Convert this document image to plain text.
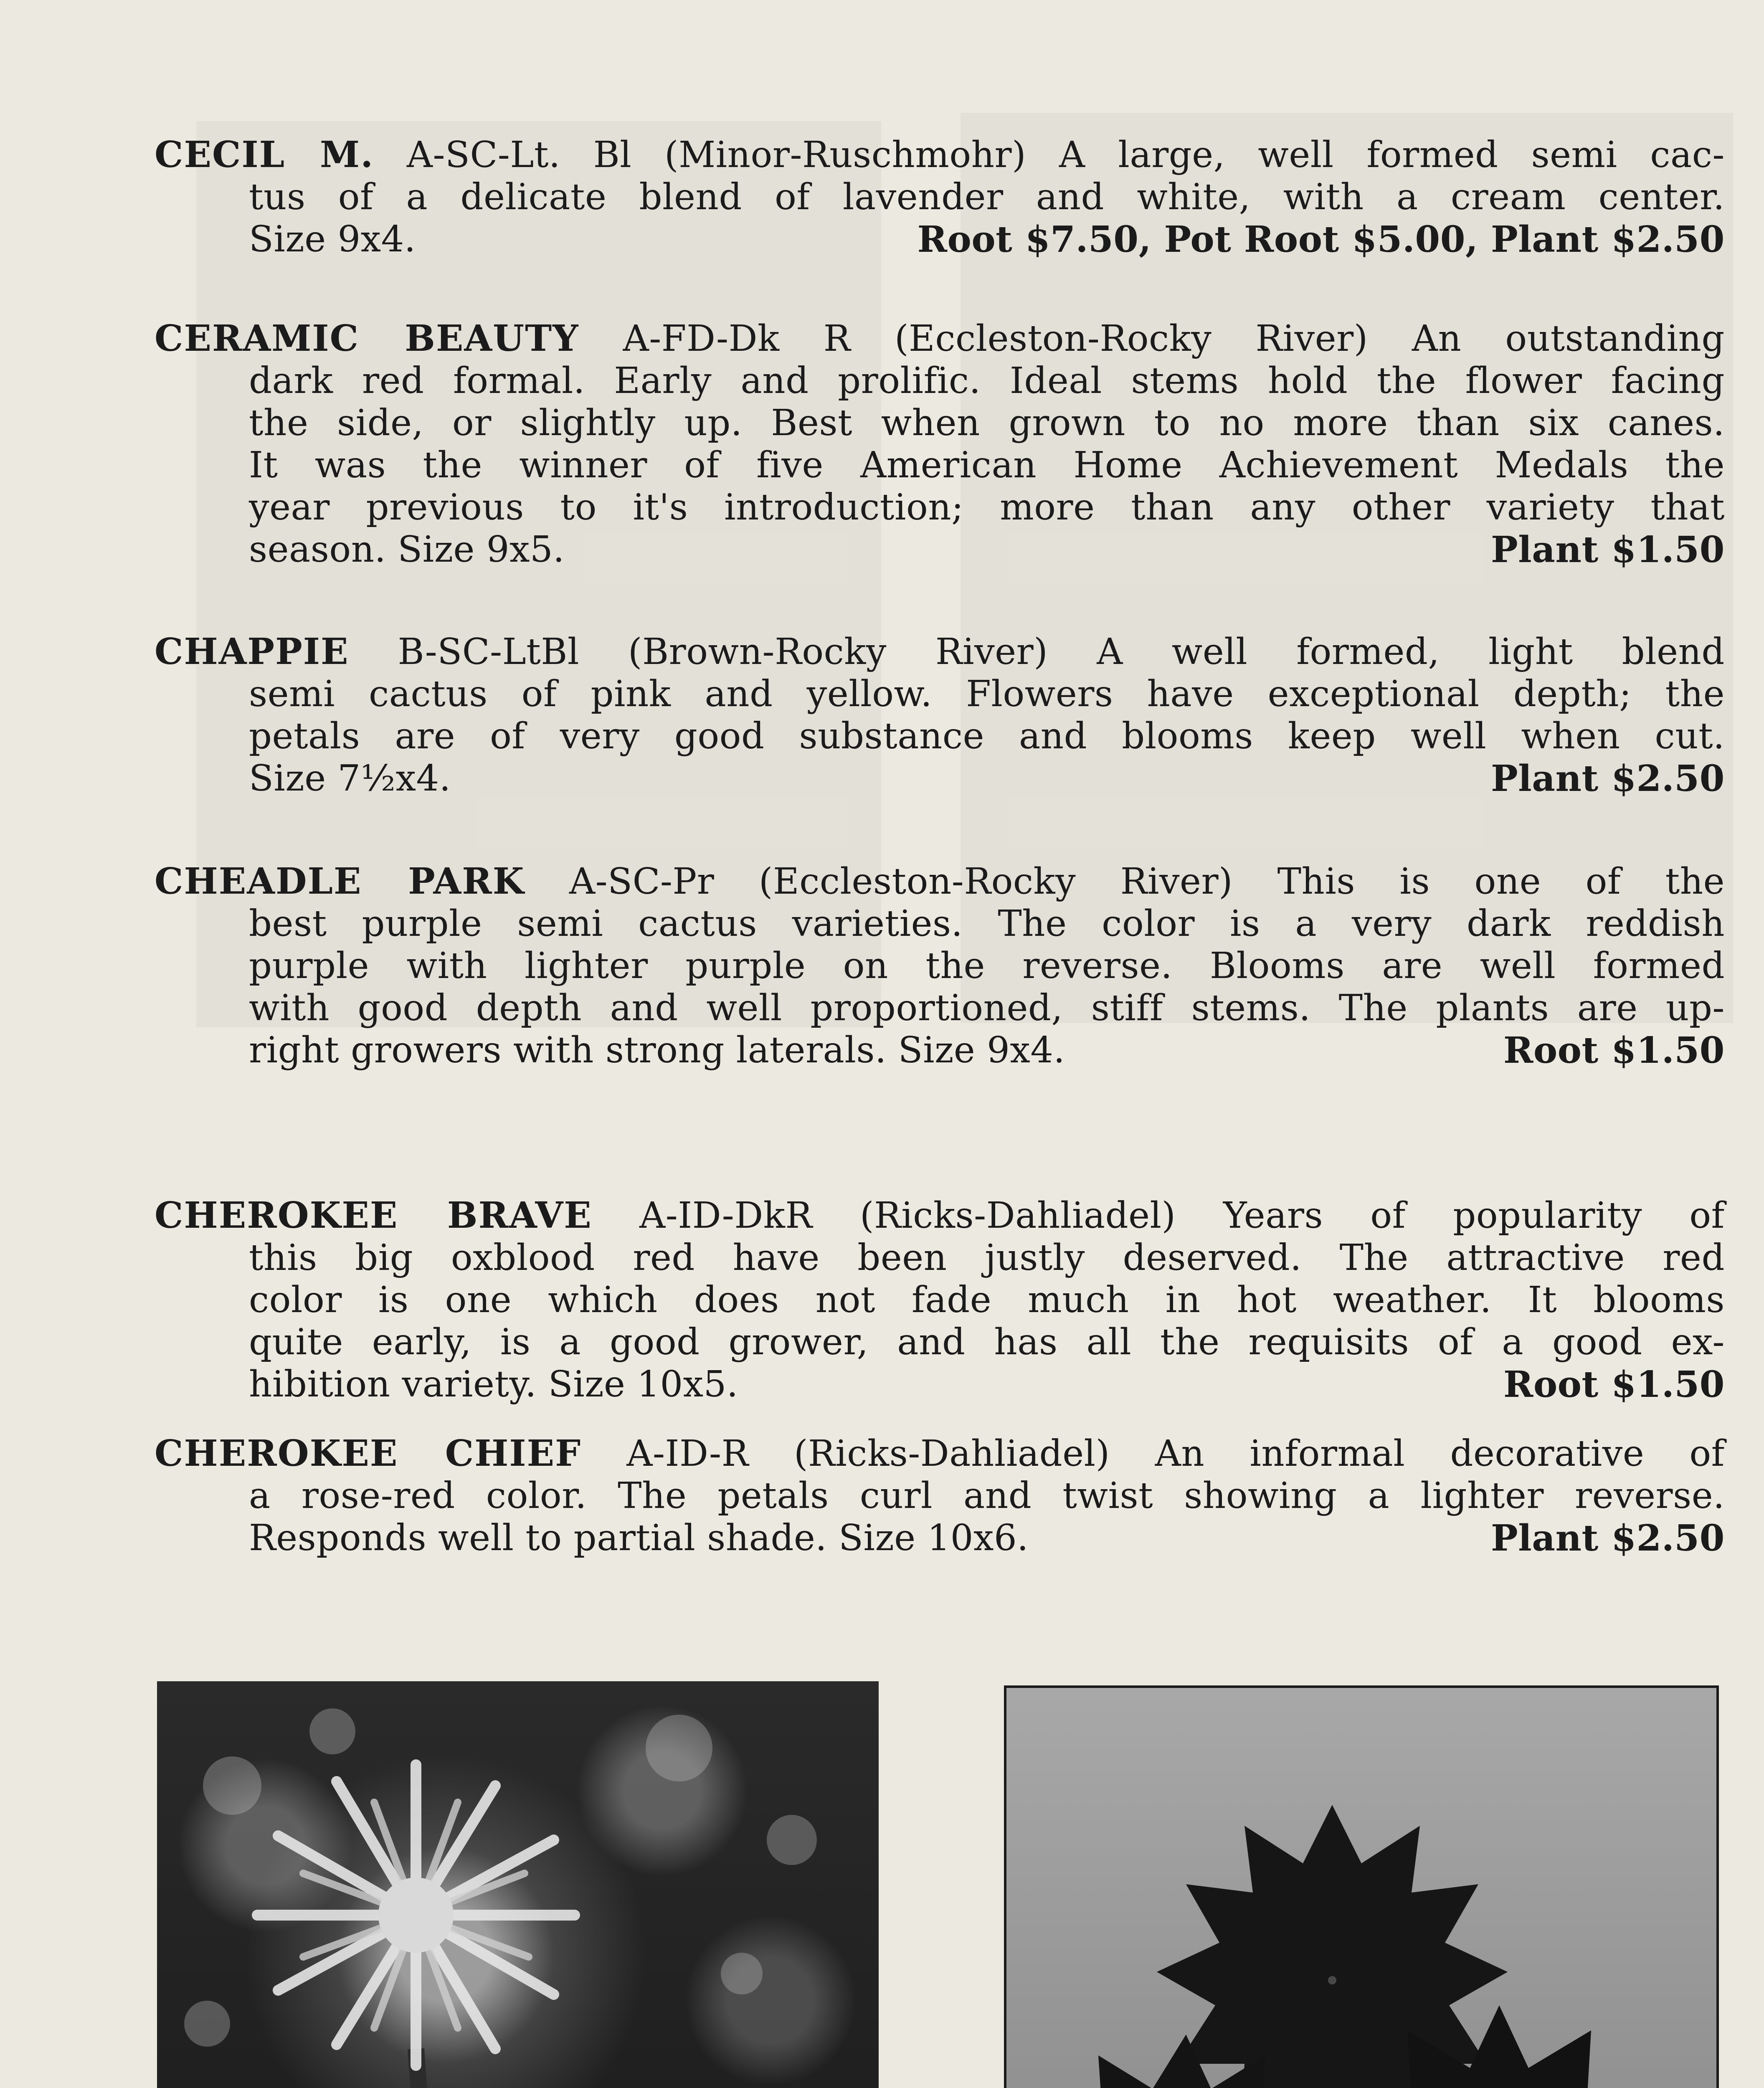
CECIL M. A-SC-Lt. Bl (Minor-Ruschmohr) A large, well formed semi cac-
tus of a delicate blend of lavender and white, with a cream center.
Size 9x4.	Root $7.50, Pot Root $5.00, Plant $2.50
CERAMIC BEAUTY A-FD-Dk R (Eccleston-Rocky River) An outstanding
dark red formal. Early and prolific. Ideal stems hold the flower facing
the side, or slightly up. Best when grown to no more than six canes.
It was the winner of five American Home Achievement Medals the
year previous to it's introduction; more than any other variety that
season. Size 9x5.	Plant $1.50
CHAPPIE B-SC-LtBl (Brown-Rocky River) A well formed, light blend
semi cactus of pink and yellow. Flowers have exceptional depth; the
petals are of very good substance and blooms keep well when cut.
Size 7½x4.	Plant $2.50
CHEADLE PARK A-SC-Pr (Eccleston-Rocky River) This is one of the
best purple semi cactus varieties. The color is a very dark reddish
purple with lighter purple on the reverse. Blooms are well formed
with good depth and well proportioned, stiff stems. The plants are up-
right growers with strong laterals. Size 9x4.	Root $1.50
CHEROKEE BRAVE A-ID-DkR (Ricks-Dahliadel) Years of popularity of
this big oxblood red have been justly deserved. The attractive red
color is one which does not fade much in hot weather. It blooms
quite early, is a good grower, and has all the requisits of a good ex-
hibition variety. Size 10x5.	Root $1.50
CHEROKEE CHIEF A-ID-R (Ricks-Dahliadel) An informal decorative of
a rose-red color. The petals curl and twist showing a lighter reverse.
Responds well to partial shade. Size 10x6.	Plant $2.50
